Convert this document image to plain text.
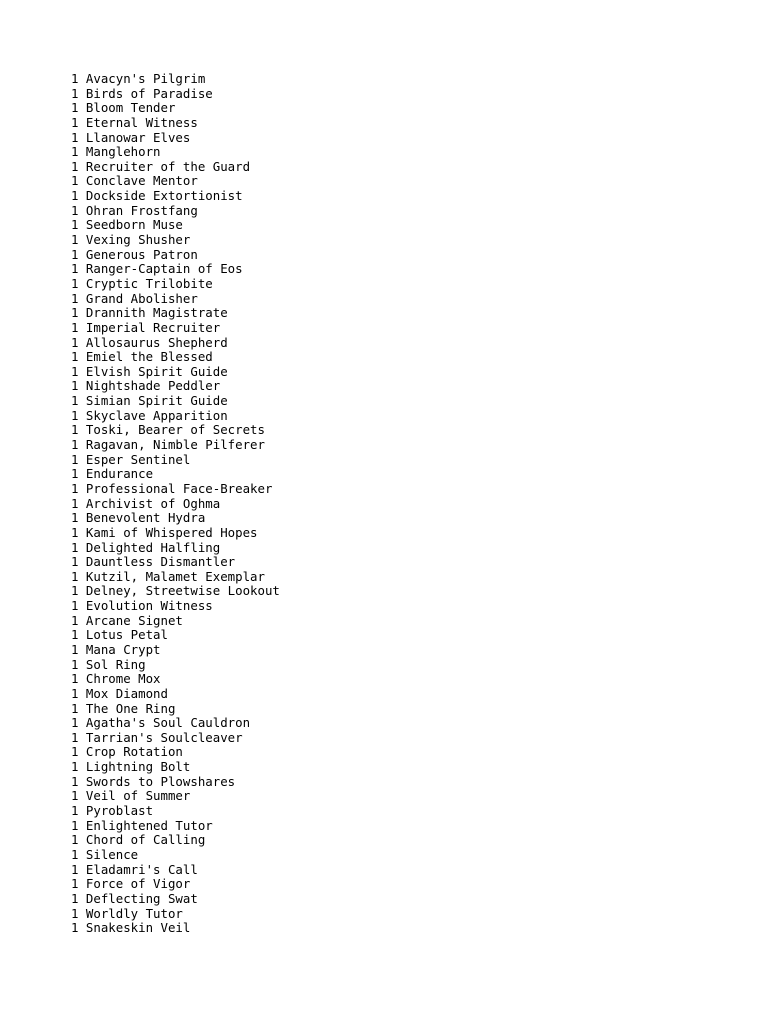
1 Avacyn's Pilgrim
1 Birds of Paradise
1 Bloom Tender
1 Eternal Witness
1 Llanowar Elves
1 Manglehorn
1 Recruiter of the Guard
1 Conclave Mentor
1 Dockside Extortionist
1 Ohran Frostfang
1 Seedborn Muse
1 Vexing Shusher
1 Generous Patron
1 Ranger-Captain of Eos
1 Cryptic Trilobite
1 Grand Abolisher
1 Drannith Magistrate
1 Imperial Recruiter
1 Allosaurus Shepherd
1 Emiel the Blessed
1 Elvish Spirit Guide
1 Nightshade Peddler
1 Simian Spirit Guide
1 Skyclave Apparition
1 Toski, Bearer of Secrets
1 Ragavan, Nimble Pilferer
1 Esper Sentinel
1 Endurance
1 Professional Face-Breaker
1 Archivist of Oghma
1 Benevolent Hydra
1 Kami of Whispered Hopes
1 Delighted Halfling
1 Dauntless Dismantler
1 Kutzil, Malamet Exemplar
1 Delney, Streetwise Lookout
1 Evolution Witness
1 Arcane Signet
1 Lotus Petal
1 Mana Crypt
1 Sol Ring
1 Chrome Mox
1 Mox Diamond
1 The One Ring
1 Agatha's Soul Cauldron
1 Tarrian's Soulcleaver
1 Crop Rotation
1 Lightning Bolt
1 Swords to Plowshares
1 Veil of Summer
1 Pyroblast
1 Enlightened Tutor
1 Chord of Calling
1 Silence
1 Eladamri's Call
1 Force of Vigor
1 Deflecting Swat
1 Worldly Tutor
1 Snakeskin Veil
